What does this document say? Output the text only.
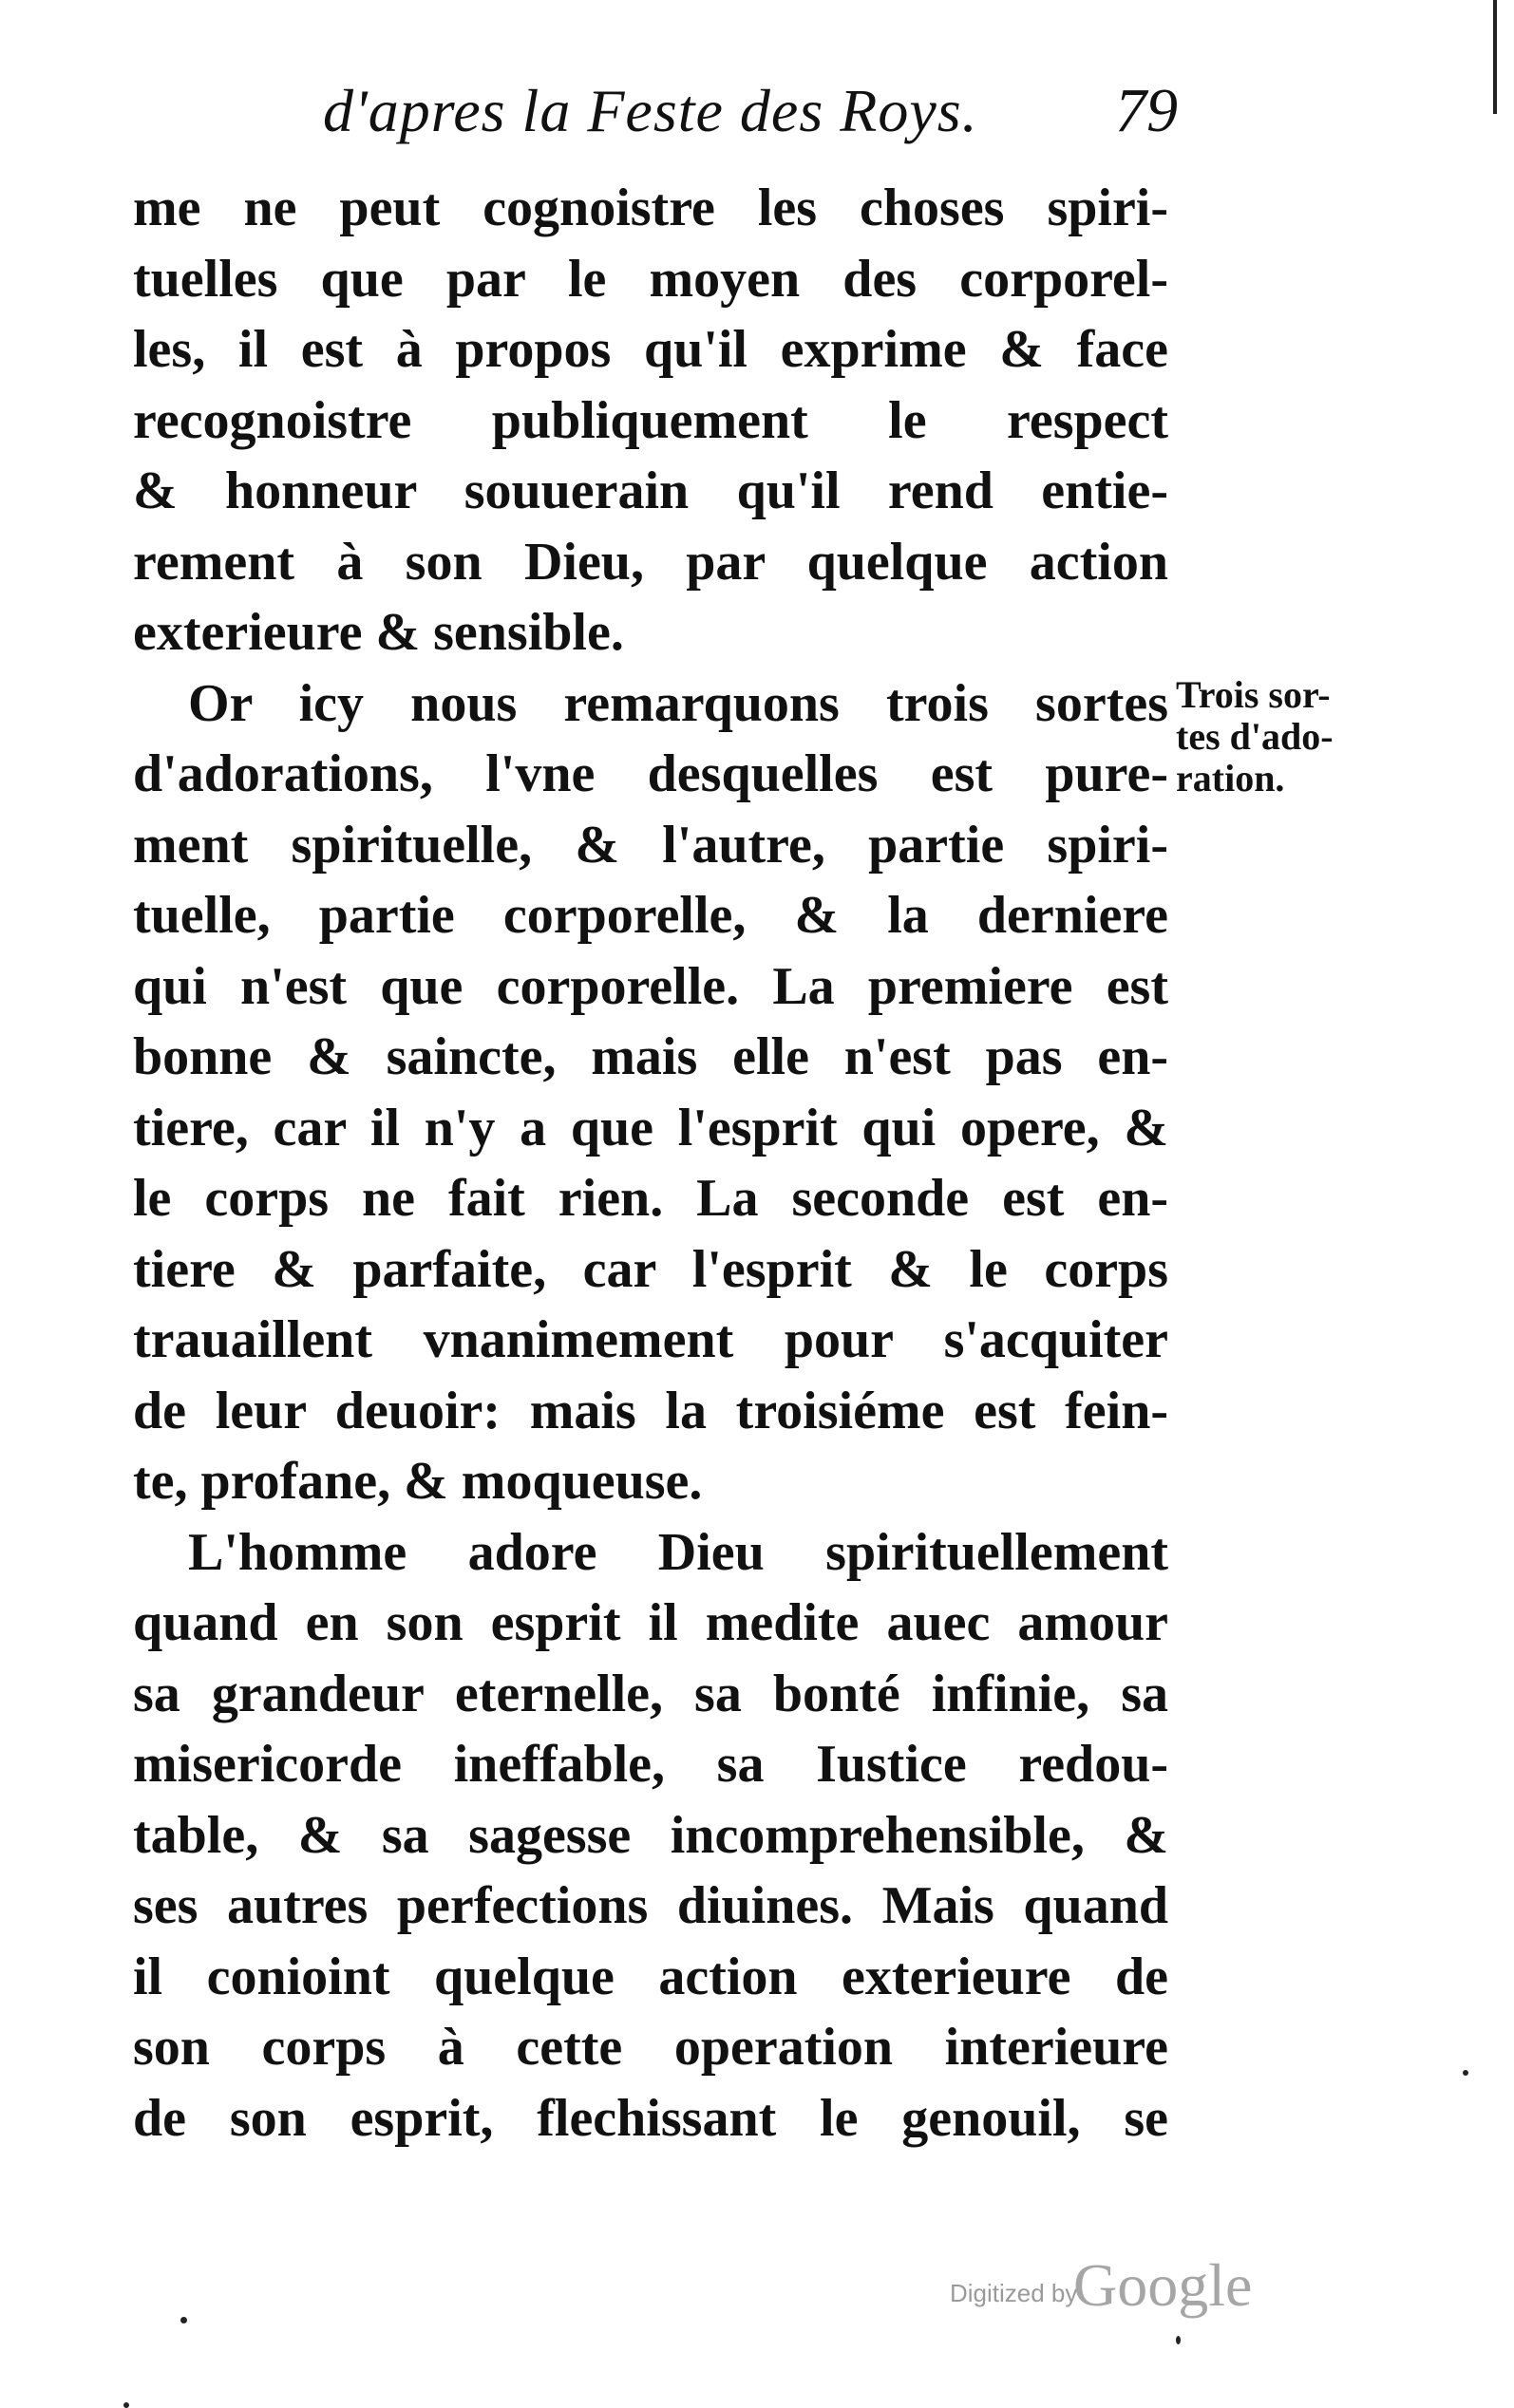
d'apres la Feste des Roys. 79
me ne peut cognoistre les choses spiri-
tuelles que par le moyen des corporel-
les, il est à propos qu'il exprime & face
recognoistre publiquement le respect
& honneur souuerain qu'il rend entie-
rement à son Dieu, par quelque action
exterieure & sensible.
Or icy nous remarquons trois sortes
d'adorations, l'vne desquelles est pure-
ment spirituelle, & l'autre, partie spiri-
tuelle, partie corporelle, & la derniere
qui n'est que corporelle. La premiere est
bonne & saincte, mais elle n'est pas en-
tiere, car il n'y a que l'esprit qui opere, &
le corps ne fait rien. La seconde est en-
tiere & parfaite, car l'esprit & le corps
trauaillent vnanimement pour s'acquiter
de leur deuoir: mais la troisiéme est fein-
te, profane, & moqueuse.
L'homme adore Dieu spirituellement
quand en son esprit il medite auec amour
sa grandeur eternelle, sa bonté infinie, sa
misericorde ineffable, sa Iustice redou-
table, & sa sagesse incomprehensible, &
ses autres perfections diuines. Mais quand
il conioint quelque action exterieure de
son corps à cette operation interieure
de son esprit, flechissant le genouil, se
Trois sor-
tes d'ado-
ration.
Digitized by
Google
